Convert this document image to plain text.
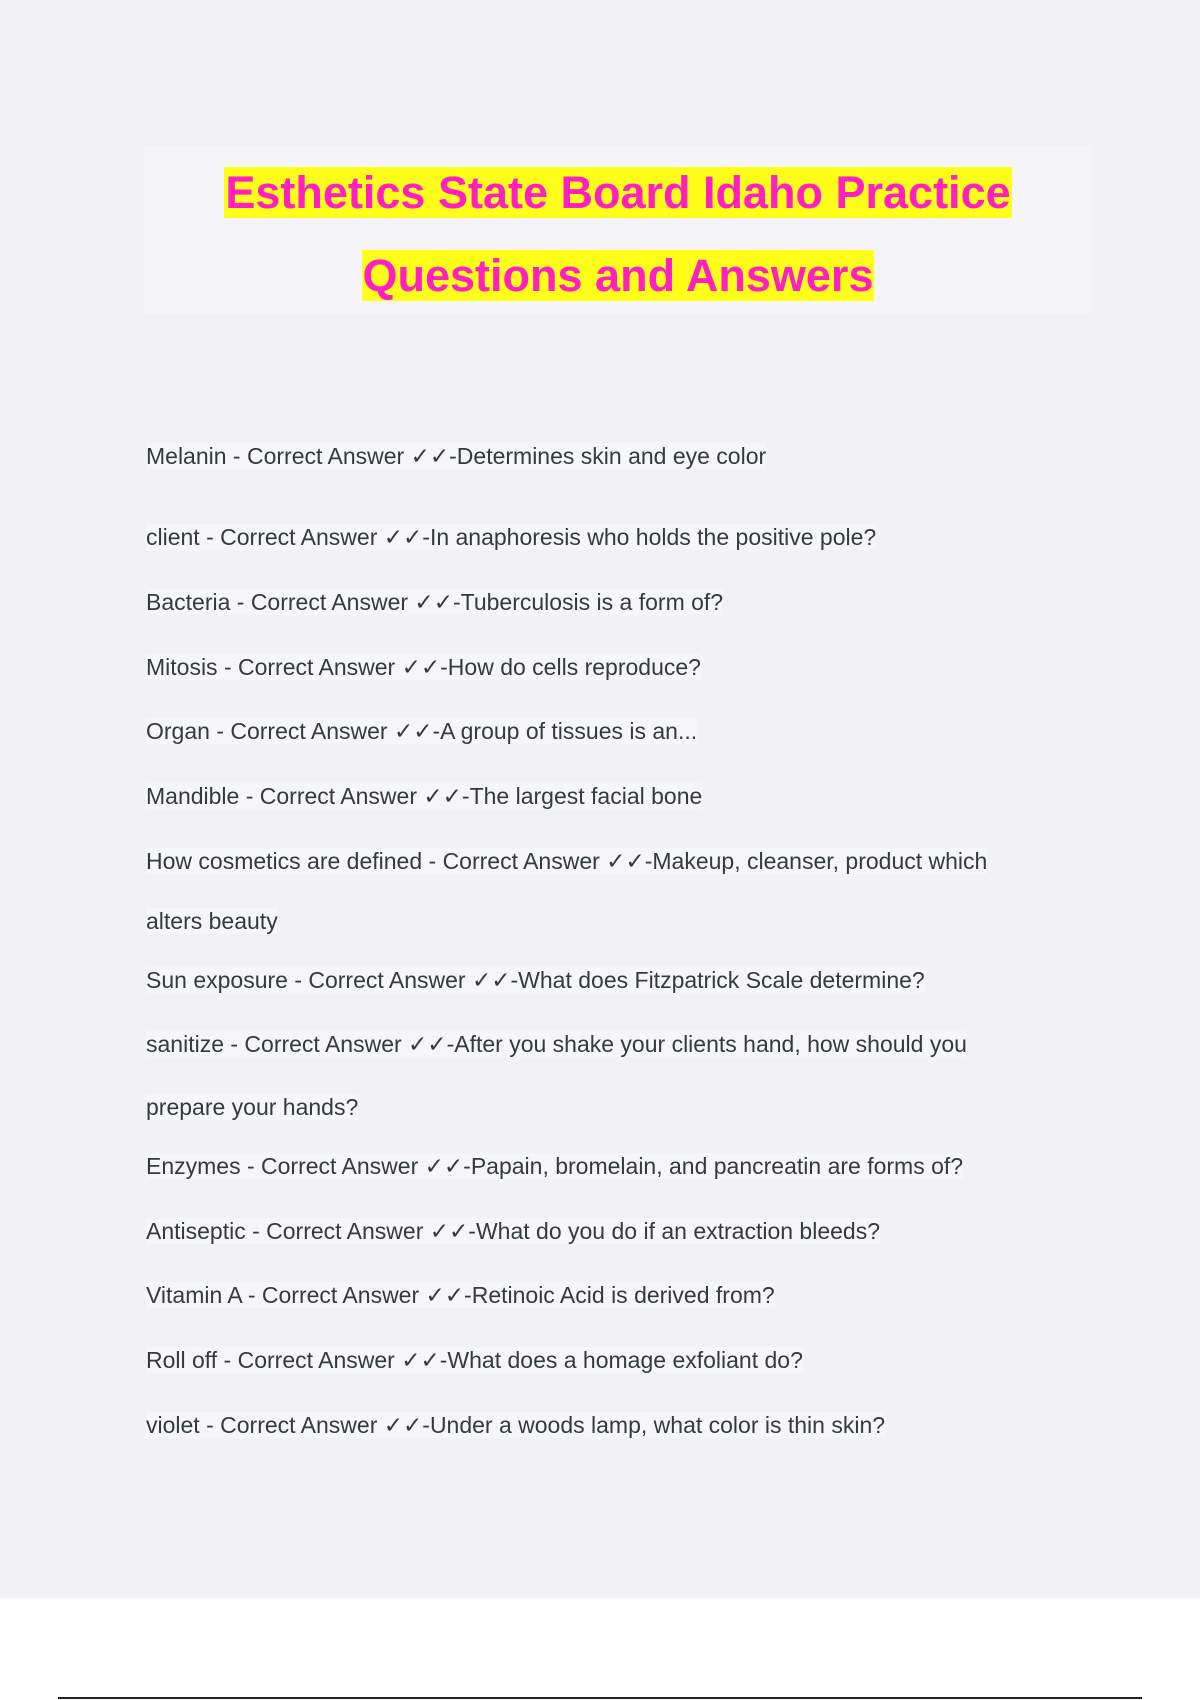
Esthetics State Board Idaho Practice
Questions and Answers

Melanin - Correct Answer ✓✓-Determines skin and eye color

client - Correct Answer ✓✓-In anaphoresis who holds the positive pole?

Bacteria - Correct Answer ✓✓-Tuberculosis is a form of?

Mitosis - Correct Answer ✓✓-How do cells reproduce?

Organ - Correct Answer ✓✓-A group of tissues is an...

Mandible - Correct Answer ✓✓-The largest facial bone

How cosmetics are defined - Correct Answer ✓✓-Makeup, cleanser, product which

alters beauty

Sun exposure - Correct Answer ✓✓-What does Fitzpatrick Scale determine?

sanitize - Correct Answer ✓✓-After you shake your clients hand, how should you

prepare your hands?

Enzymes - Correct Answer ✓✓-Papain, bromelain, and pancreatin are forms of?

Antiseptic - Correct Answer ✓✓-What do you do if an extraction bleeds?

Vitamin A - Correct Answer ✓✓-Retinoic Acid is derived from?

Roll off - Correct Answer ✓✓-What does a homage exfoliant do?

violet - Correct Answer ✓✓-Under a woods lamp, what color is thin skin?
